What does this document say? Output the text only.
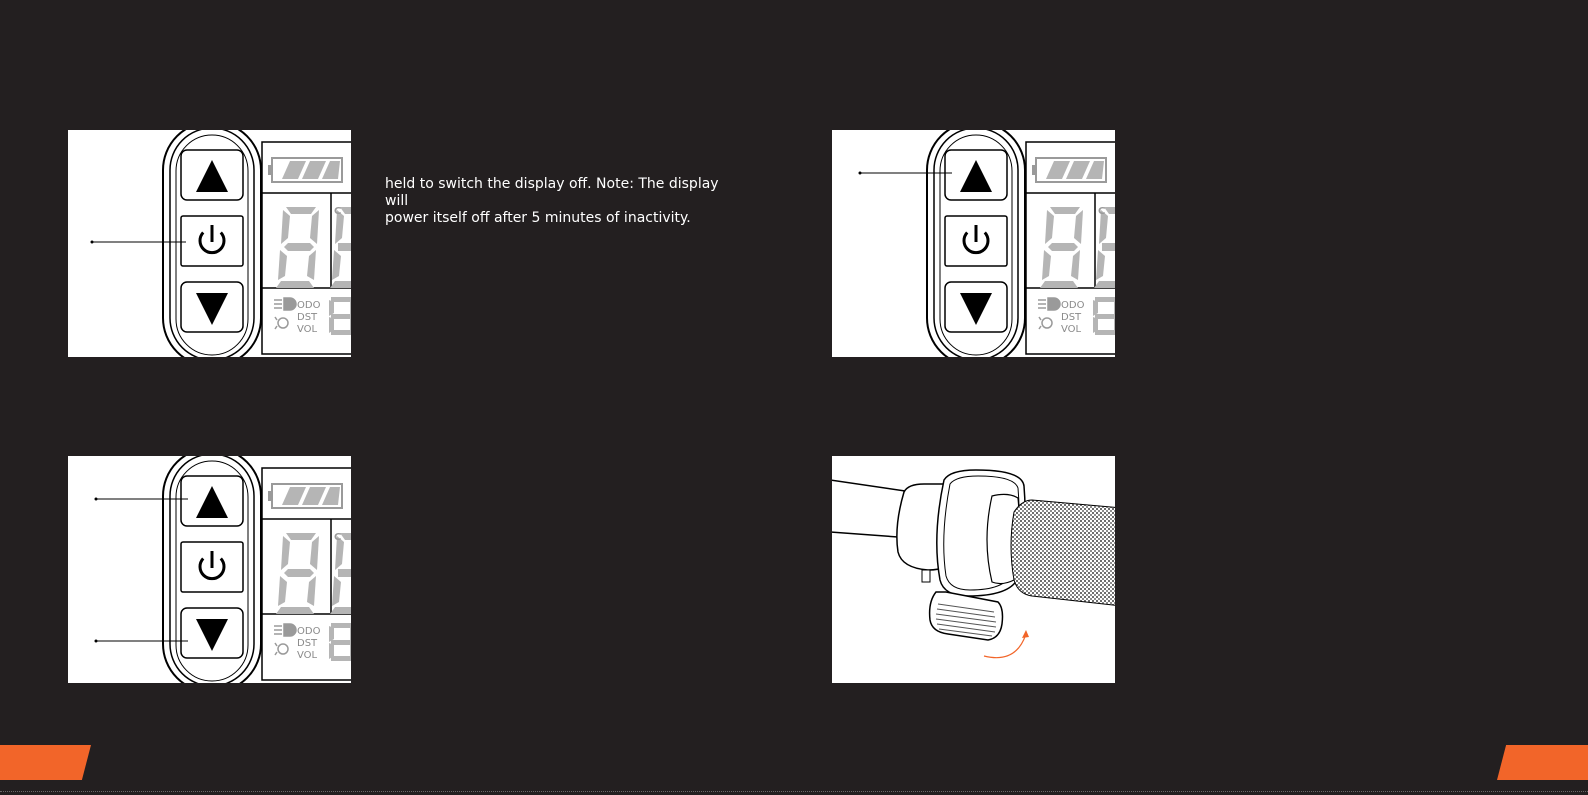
held to switch the display off. Note: The display will
power itself off after 5 minutes of inactivity.
